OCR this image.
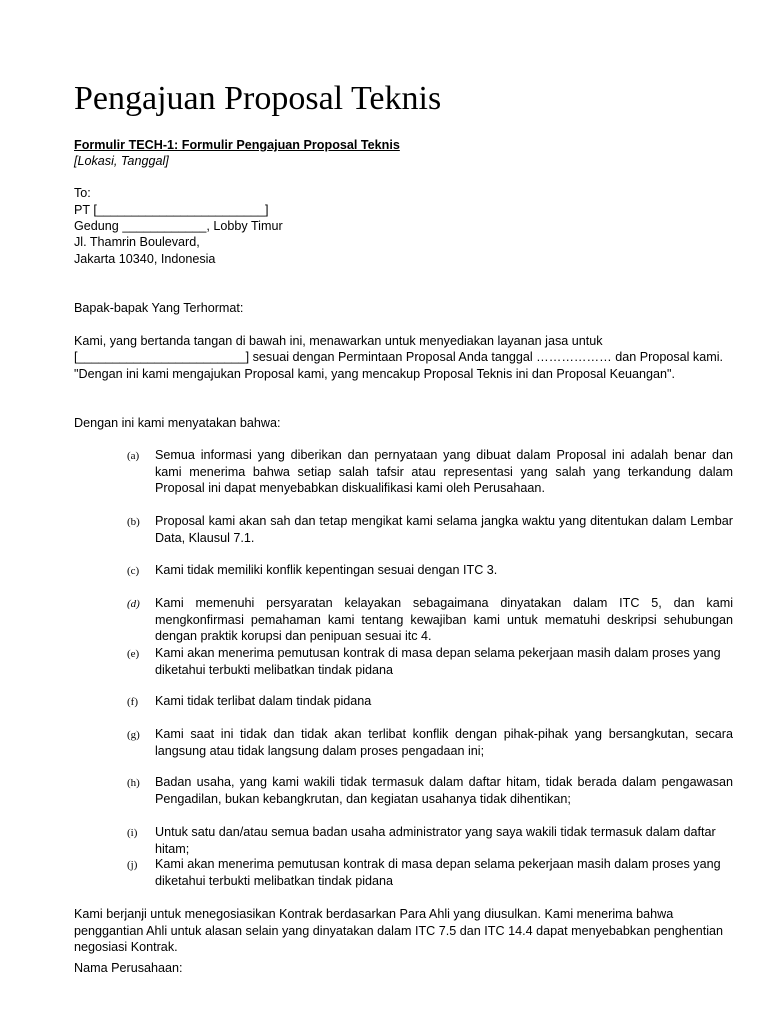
Pengajuan Proposal Teknis
Formulir TECH-1: Formulir Pengajuan Proposal Teknis
[Lokasi, Tanggal]
To:
PT [________________________]
Gedung ____________, Lobby Timur
Jl. Thamrin Boulevard,
Jakarta 10340, Indonesia
Bapak-bapak Yang Terhormat:
Kami, yang bertanda tangan di bawah ini, menawarkan untuk menyediakan layanan jasa untuk
[________________________] sesuai dengan Permintaan Proposal Anda tanggal ……………… dan Proposal kami.
"Dengan ini kami mengajukan Proposal kami, yang mencakup Proposal Teknis ini dan Proposal Keuangan".
Dengan ini kami menyatakan bahwa:
(a)	Semua informasi yang diberikan dan pernyataan yang dibuat dalam Proposal ini adalah benar dan kami menerima bahwa setiap salah tafsir atau representasi yang salah yang terkandung dalam Proposal ini dapat menyebabkan diskualifikasi kami oleh Perusahaan.
(b)	Proposal kami akan sah dan tetap mengikat kami selama jangka waktu yang ditentukan dalam Lembar Data, Klausul 7.1.
(c)	Kami tidak memiliki konflik kepentingan sesuai dengan ITC 3.
(d)	Kami memenuhi persyaratan kelayakan sebagaimana dinyatakan dalam ITC 5, dan kami mengkonfirmasi pemahaman kami tentang kewajiban kami untuk mematuhi deskripsi sehubungan dengan praktik korupsi dan penipuan sesuai itc 4.
(e)	Kami akan menerima pemutusan kontrak di masa depan selama pekerjaan masih dalam proses yang diketahui terbukti melibatkan tindak pidana
(f)	Kami tidak terlibat dalam tindak pidana
(g)	Kami saat ini tidak dan tidak akan terlibat konflik dengan pihak-pihak yang bersangkutan, secara langsung atau tidak langsung dalam proses pengadaan ini;
(h)	Badan usaha, yang kami wakili tidak termasuk dalam daftar hitam, tidak berada dalam pengawasan Pengadilan, bukan kebangkrutan, dan kegiatan usahanya tidak dihentikan;
(i)	Untuk satu dan/atau semua badan usaha administrator yang saya wakili tidak termasuk dalam daftar hitam;
(j)	Kami akan menerima pemutusan kontrak di masa depan selama pekerjaan masih dalam proses yang diketahui terbukti melibatkan tindak pidana
Kami berjanji untuk menegosiasikan Kontrak berdasarkan Para Ahli yang diusulkan. Kami menerima bahwa penggantian Ahli untuk alasan selain yang dinyatakan dalam ITC 7.5 dan ITC 14.4 dapat menyebabkan penghentian negosiasi Kontrak.
Nama Perusahaan:
